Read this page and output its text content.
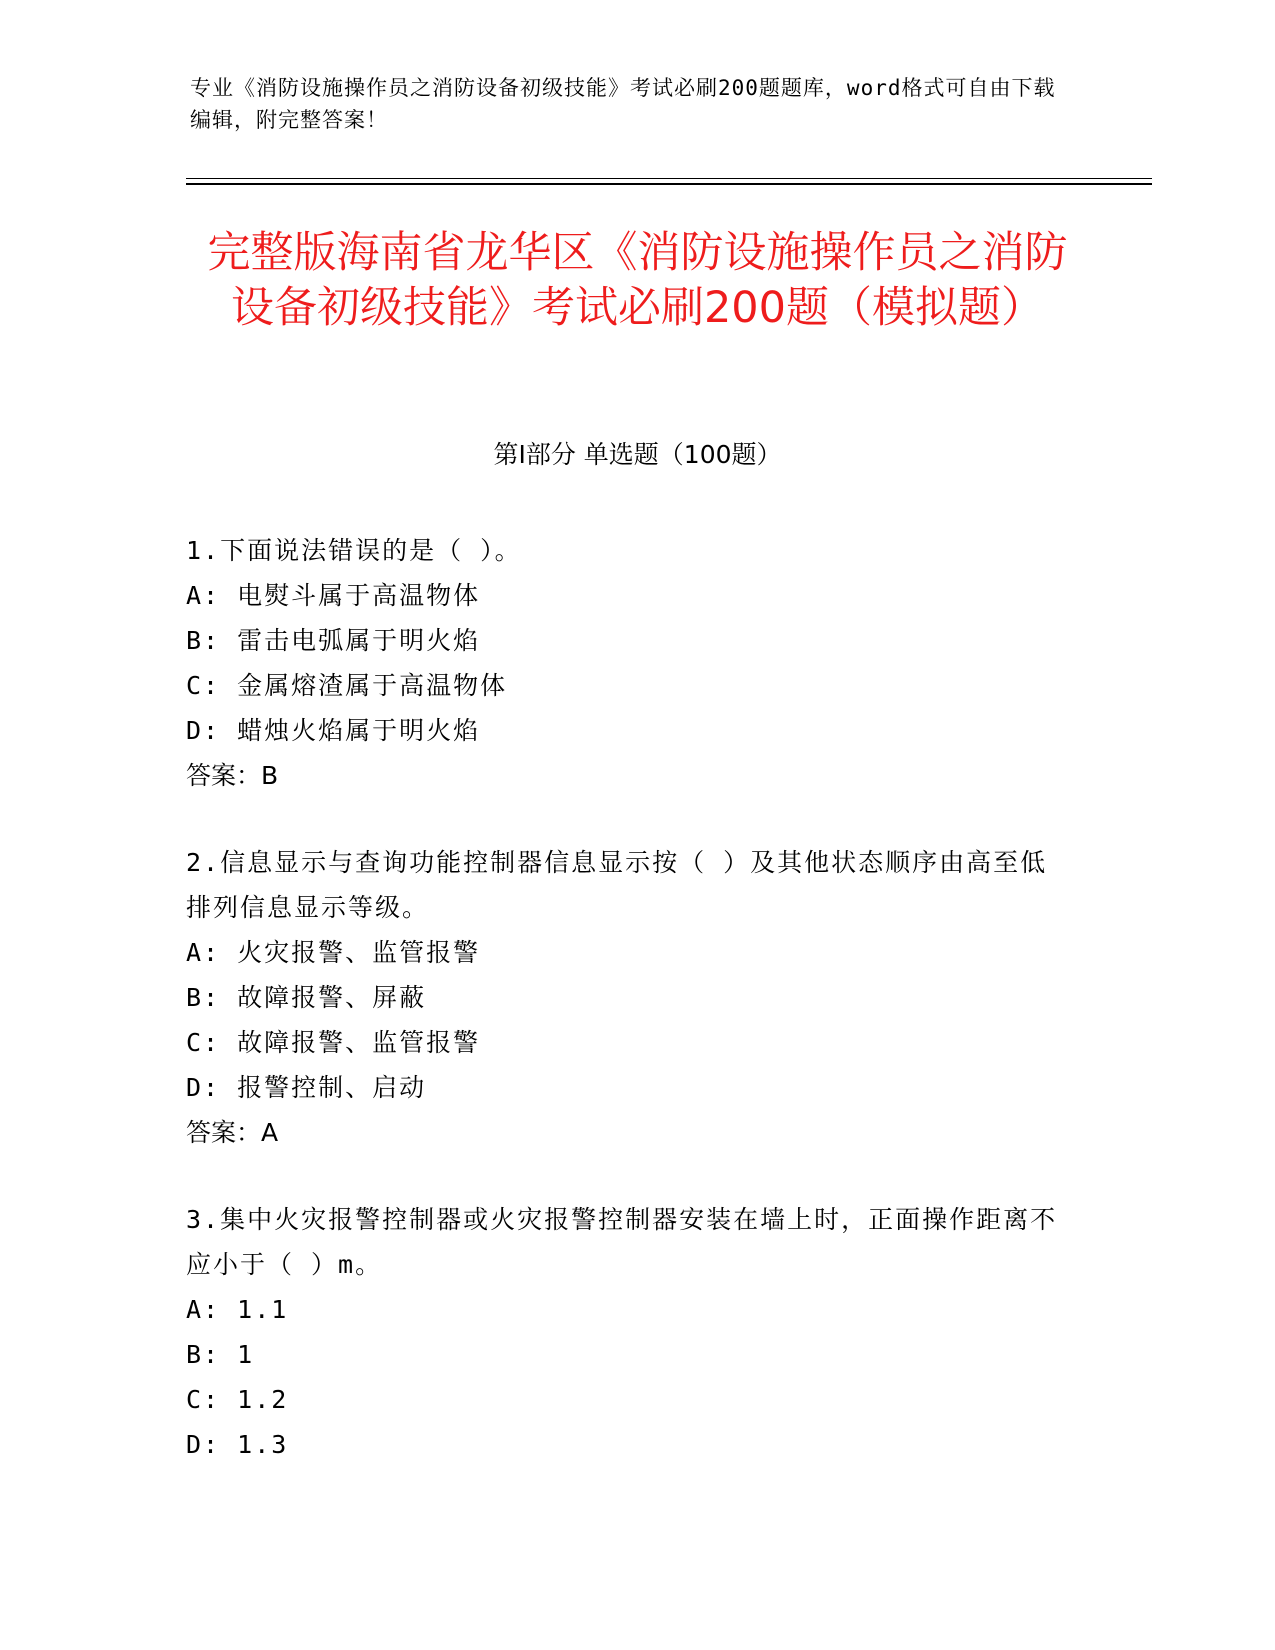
专业《消防设施操作员之消防设备初级技能》考试必刷200题题库，word格式可自由下载编辑，附完整答案！
完整版海南省龙华区《消防设施操作员之消防设备初级技能》考试必刷200题（模拟题）
第I部分 单选题（100题）

1.下面说法错误的是（ ）。

A: 电熨斗属于高温物体

B: 雷击电弧属于明火焰

C: 金属熔渣属于高温物体

D: 蜡烛火焰属于明火焰

答案：B

2.信息显示与查询功能控制器信息显示按（ ）及其他状态顺序由高至低排列信息显示等级。

A: 火灾报警、监管报警

B: 故障报警、屏蔽

C: 故障报警、监管报警

D: 报警控制、启动

答案：A

3.集中火灾报警控制器或火灾报警控制器安装在墙上时，正面操作距离不应小于（ ）m。

A: 1.1

B: 1

C: 1.2

D: 1.3
